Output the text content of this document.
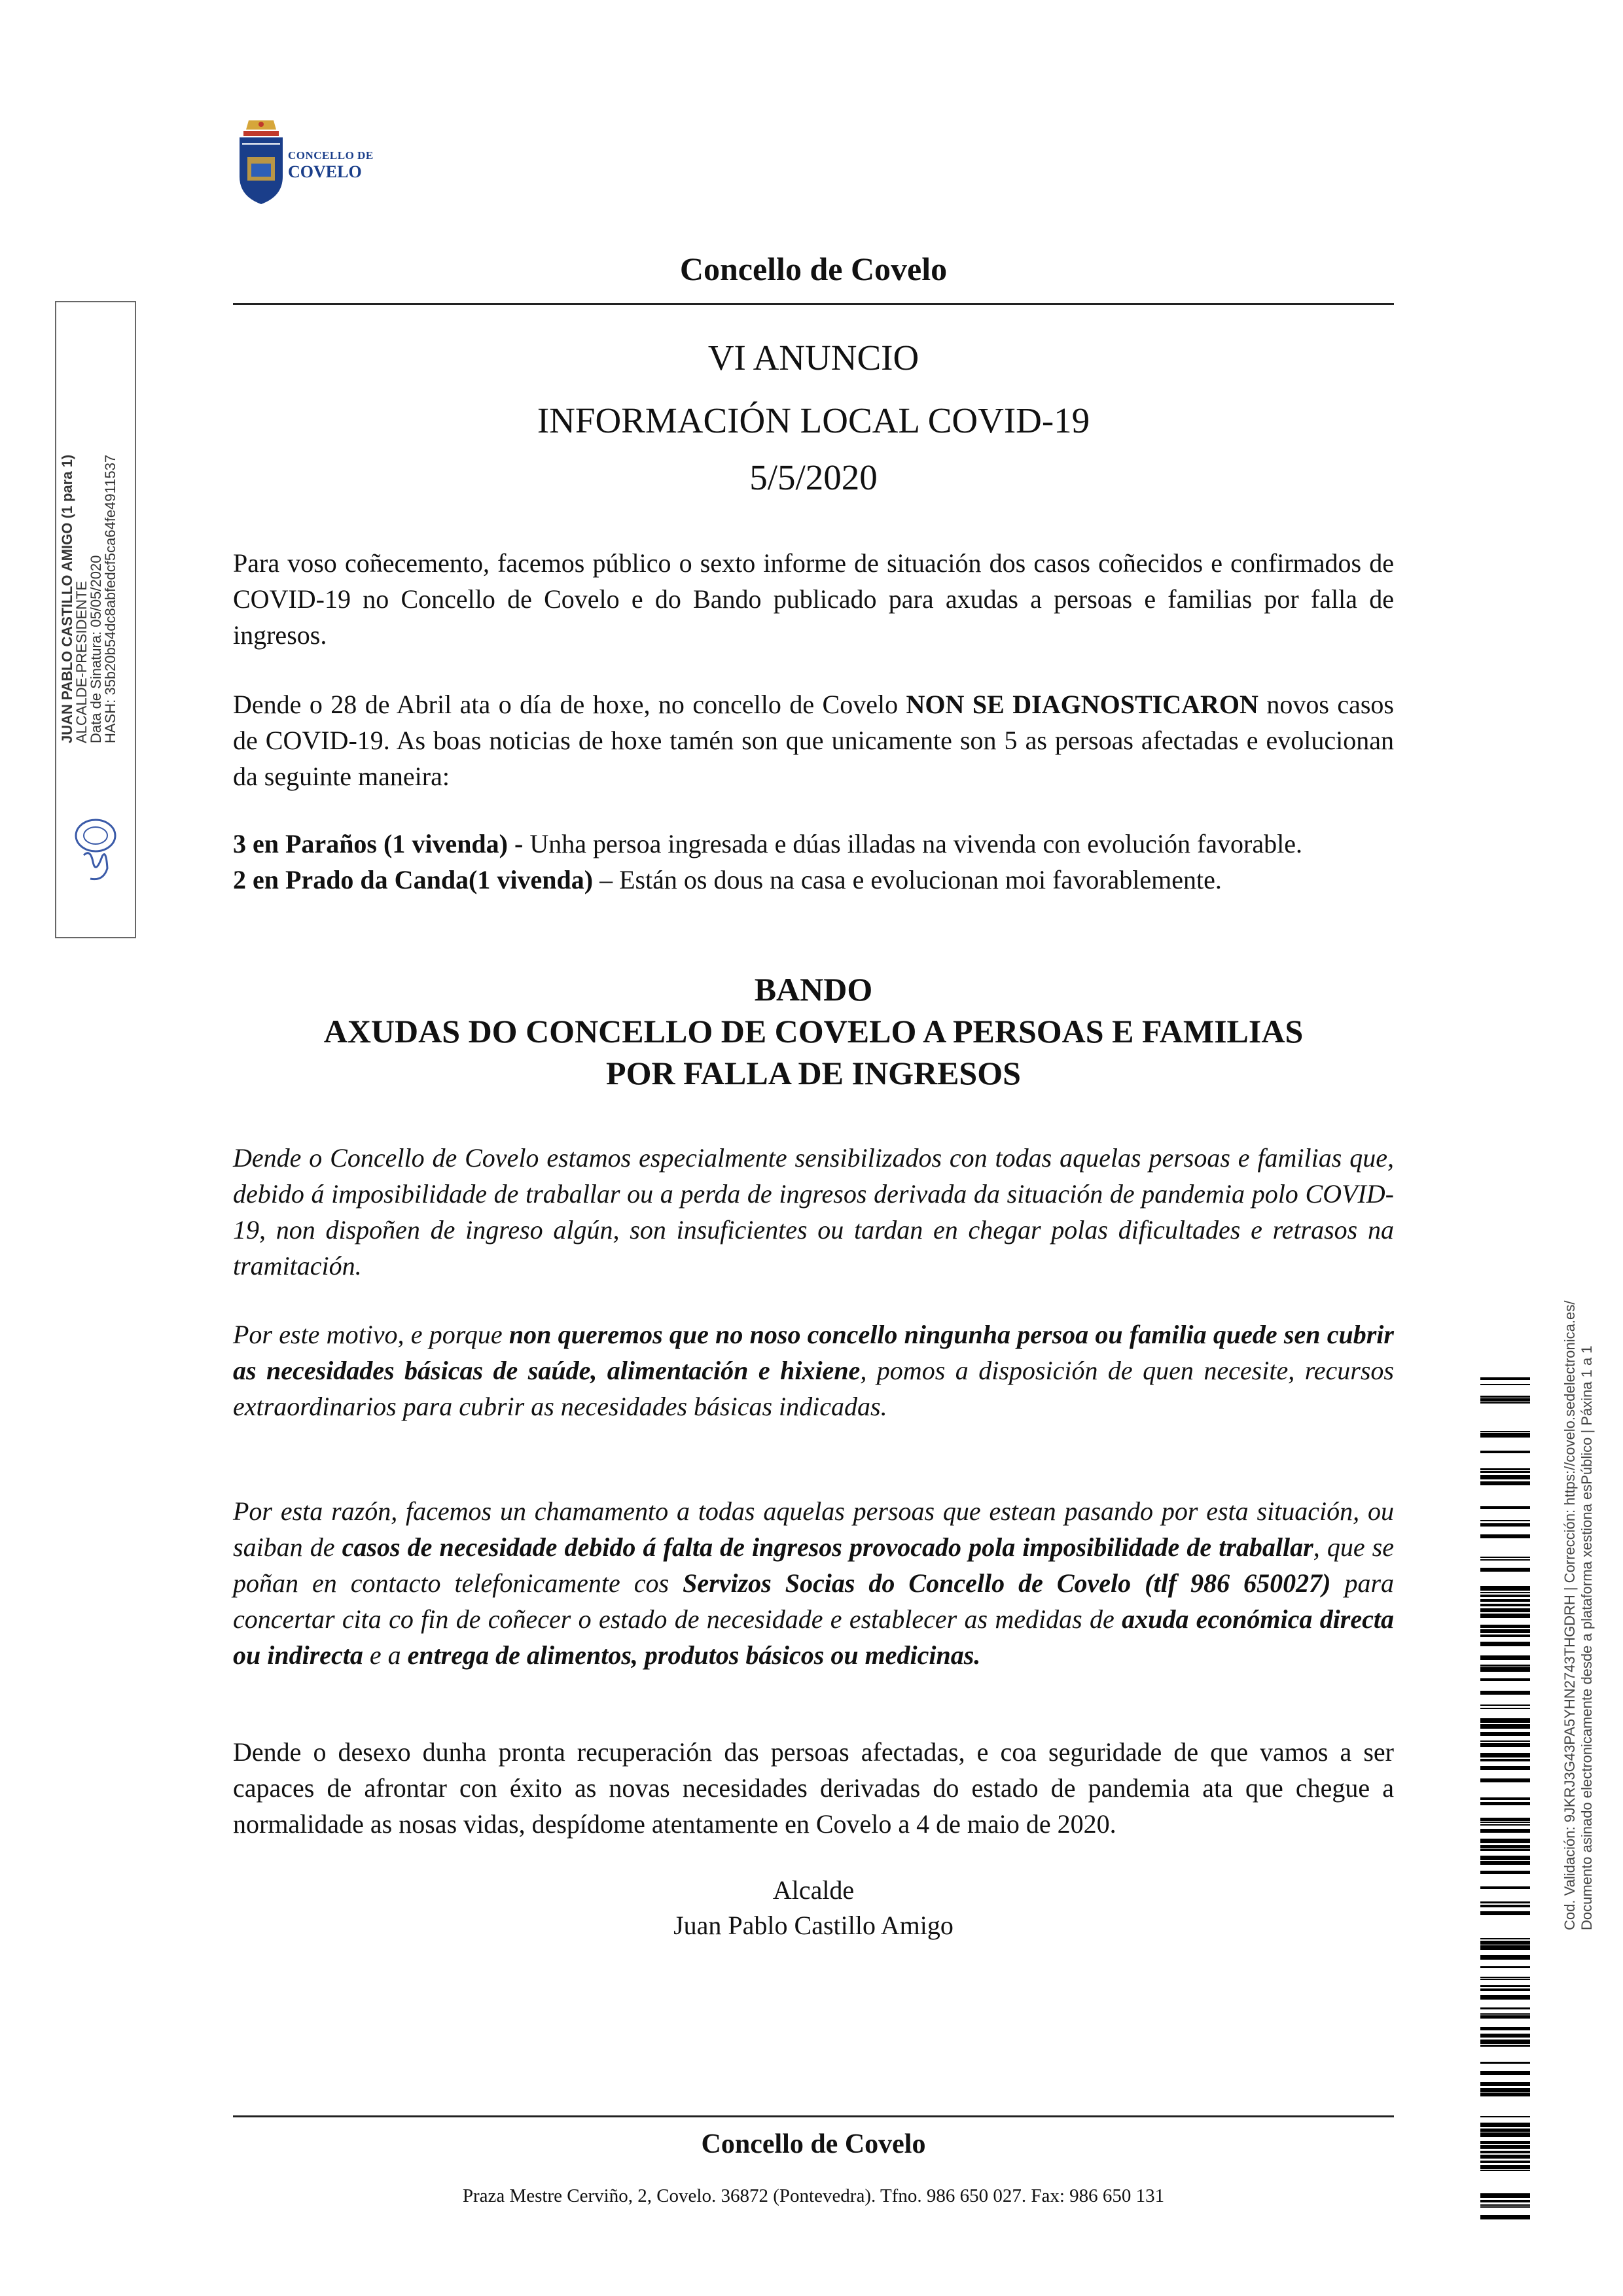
CONCELLO DE
COVELO
Concello de Covelo
VI ANUNCIO
INFORMACIÓN LOCAL COVID-19
5/5/2020

Para voso coñecemento, facemos público o sexto informe de situación dos casos coñecidos e confirmados de COVID-19 no Concello de Covelo e do Bando publicado para axudas a persoas e familias por falla de ingresos.

Dende o 28 de Abril ata o día de hoxe, no concello de Covelo NON SE DIAGNOSTICARON novos casos de COVID-19. As boas noticias de hoxe tamén son que unicamente son 5 as persoas afectadas e evolucionan da seguinte maneira:

3 en Paraños (1 vivenda) - Unha persoa ingresada e dúas illadas na vivenda con evolución favorable.

2 en Prado da Canda(1 vivenda) – Están os dous na casa e evolucionan moi favorablemente.

BANDO
AXUDAS DO CONCELLO DE COVELO A PERSOAS E FAMILIAS
POR FALLA DE INGRESOS

Dende o Concello de Covelo estamos especialmente sensibilizados con todas aquelas persoas e familias que, debido á imposibilidade de traballar ou a perda de ingresos derivada da situación de pandemia polo COVID-19, non dispoñen de ingreso algún, son insuficientes ou tardan en chegar polas dificultades e retrasos na tramitación.

Por este motivo, e porque non queremos que no noso concello ningunha persoa ou familia quede sen cubrir as necesidades básicas de saúde, alimentación e hixiene, pomos a disposición de quen necesite, recursos extraordinarios para cubrir as necesidades básicas indicadas.

Por esta razón, facemos un chamamento a todas aquelas persoas que estean pasando por esta situación, ou saiban de casos de necesidade debido á falta de ingresos provocado pola imposibilidade de traballar, que se poñan en contacto telefonicamente cos Servizos Socias do Concello de Covelo (tlf 986 650027) para concertar cita co fin de coñecer o estado de necesidade e establecer as medidas de axuda económica directa ou indirecta e a entrega de alimentos, produtos básicos ou medicinas.

Dende o desexo dunha pronta recuperación das persoas afectadas, e coa seguridade de que vamos a ser capaces de afrontar con éxito as novas necesidades derivadas do estado de pandemia ata que chegue a normalidade as nosas vidas, despídome atentamente en Covelo a 4 de maio de 2020.

Alcalde
Juan Pablo Castillo Amigo
Concello de Covelo
Praza Mestre Cerviño, 2, Covelo. 36872 (Pontevedra). Tfno. 986 650 027. Fax: 986 650 131
JUAN PABLO CASTILLO AMIGO (1 para 1)
ALCALDE-PRESIDENTE
Data de Sinatura: 05/05/2020
HASH: 35b20b54dc8abfedcf5ca64fe4911537
Cod. Validación: 9JKRJ3G43PA5YHN2743THGDRH | Corrección: https://covelo.sedelectronica.es/ Documento asinado electronicamente desde a plataforma xestiona esPúblico | Páxina 1 a 1
